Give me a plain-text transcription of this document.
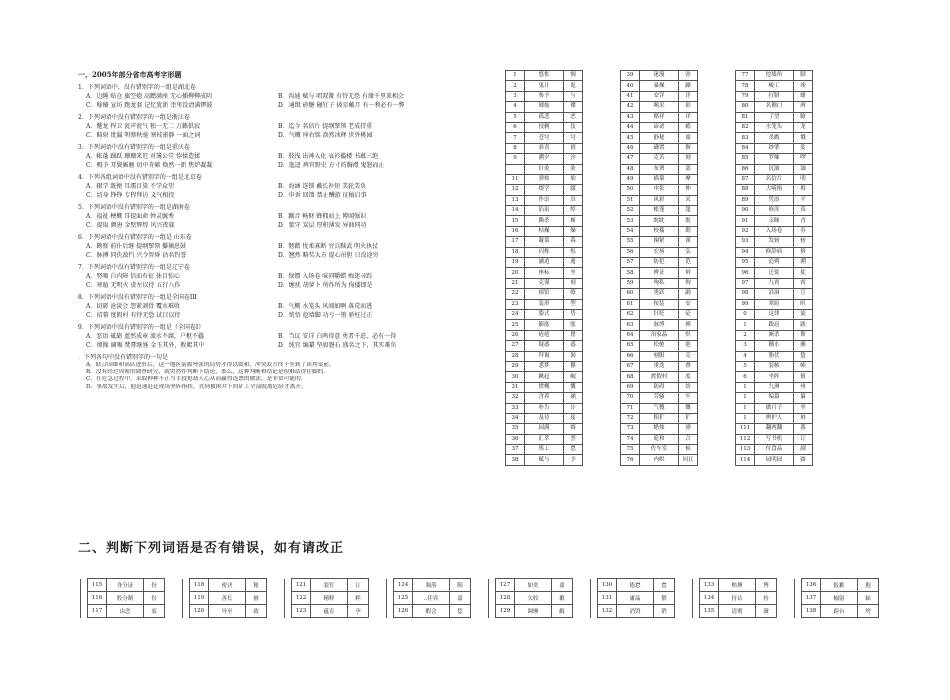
一、2005年部分省市高考字形题
1．下列词语中，没有错别字的一组是湖北卷
A．边陲 贴仓 旗空炮 高瞻满座 无心插柳柳成阴	B．沟通 赋与 唱双簧 有恃无恐 有缘千里来相会
C．稼穑 宣坊 跑龙套 记忆犹新 歪里没清满锣鼓	D．通缉 砂糖 碰钉子 披星戴月 有一利必有一弊
2．下列词语中没有错别字的一组是浙江卷
A．蹩龙 捍卫 瓮声瓮气 独一无二 万籁俱寂	B．迄今 名信片 提纲挈领 老成持重
C．畸射 纰漏 明察秋毫 寒枝雀静 一面之词	D．气概 座右铭 涣然冰释 世外桃园
3．下列词语中没有错别字的一组是重庆卷
A．帐蓬 踊跃 珊珊来迟 对簿公堂 悖揉造揉	B．肢浅 出神入化 哀衫褴楼 书蕴三绝
C．赐予 耳鬓厮磨 切中肯綮 焕然一新 焦炉凝凝	D．迤迳 裨官野史 方寸的胸襟 鬼怒而止
4．下列各组词语中没有错别字的一组是北京卷
A．辍学 既便 耳濡目染 不学众望	B．海涵 连锁 戴长补短 美轮美奂
C．切身 铮铮 专程拜访 义气相投	D．申诉 回馈 禁止酬游 征稿启事
5．下列词语中没有错别字的一组是湖南卷
A．福祉 梗概 耳提面命 钟灵毓秀	B．蹴音 畅财 蜂拥而上 博闻强识
C．提取 颜唐 金壁辉煌 风兴夜寐	D．惦守 炭层 厚积薄发 异曲同功
6．下列词语中没有错别字的一组是 山东卷
A．勘察 前仆后继 提纲挈领 攥摘息鼓	B．惬藉 忧柔寡断 穷兵黩武 明火执仗
C．脉搏 同仇敌忾 兴令智昏 沽名钓誉	D．翘然 略奖大方 提心吊胆 日没途穷
7．下列词语中没有错别字的一组是辽宁卷
A．努喝 白内障 信而有征 休目惊心	B．保镖 入场卷 味同嚼蜡 痴迷寻踪
C．寒暄 无明火 虚左以待 五行八作	D．缠扰 胡萝卜 所作所为 佝偻即是
8．下列词语中没有错别字的一组是全国卷III
A．切磋 沧淡会 怨紧剥骨 覆水难收	B．气概 水笼头 风闻如啊 落荒而逃
C．招幕 度假村 有恃无恐 试目以待	D．恍悟 挖墙脚 功亏一篑 骄枉过正
9．下列词语中没有错别字的一组是（全国卷I）
A．恶语 砥砺 蓝然成章 流水不腐，户枢不蠹	B．当议 安详 白鸣得意 勇者千虑，必有一得
C．烦操 阔喝 焚膏继晷 金玉其外，败絮其中	D．纯宜 编纂 坚如磐石 盛名之下，其实难负
．下列各句中没有错别字的一句是
A．联合国维和部队进驻后，这一地区箭拔弩张的局势才得以缓和，冲突双方终于坐到了谈判桌前。
B．没有经过周密的调查研究，就贸然作判断下结论，那么，这种判断和结论是很难站得住脚的。
C．在危急过程中，采取种种不正当手段抢劫人心从而赢得选票的做法，是非常可能的。
D．事故发生后，他迅速赶赴现场坚阵指挥，直到被困井下的矿工全部脱离危险才离开。
二、判断下列词语是否有错误，如有请改正
1	悠怅	惆
2	鬼计	诡
3	参予	与
4	璀灿	璨
5	孤悲	恶
6	技俩	伎
7	苍穹	穹
8	恭喜	禧
9	溯夕	汐
	针灸	灸
11	弹劾	劾
12	缀学	辍
13	作崇	祟
14	谄谄	绰
15	撕杀	厮
16	枯燥	燥
17	凝慕	暮
18	闪烁	烁
19	涵逍	遁
20	座标	坐
21	克谨	刻
22	撞馆	缭
23	轰形	型
24	姿式	势
25	膨涨	胀
26	疮疤	惫
27	疑惑	惑
28	拜谒	谒
29	悉梦	攥
30	蹶起	崛
31	愤概	慨
32	含养	涵
33	朴告	讣
34	及待	岌
35	园满	圆
36	汇萃	荟
37	殇工	怠
38	赋与	予
39	迷漫	弥
40	暴燥	躁
41	安详	详
42	喝采	彩
43	赌祥	详
44	谛谑	瘾
45	静秘	谧
46	礴置	摒
47	克苦	刻
48	布署	部
49	描摹	摩
50	申张	伸
51	风彩	采
52	帐蓬	篷
53	眈眈	耽
54	校揣	勘
55	掬紧	谨
56	宏扬	弘
57	防犯	范
58	辨证	辩
59	殉私	徇
60	勇跃	踊
61	按装	安
62	针贬	砭
63	脉博	搏
64	治家晶	炽
65	松驰	弛
66	刻服	克
67	重迭	叠
68	渡假村	度
69	防碍	妨
70	劳骚	牢
71	气慨	慨
72	粗犷	犷
73	蜡烛	漂
74	诡和	合
75	佐车室	候
76	内哄	同讧
77	挖墙角	脚
78	峻工	竣
79	打腊	蜡
80	名侧口	两
81	了望	瞭
82	水笼头	龙
83	杀戳	戮
84	纱挲	娑
85	罗嗦	啰
86	沉湎	湎
87	名信片	明
88	大嗬指	拇
89	凭添	平
90	修浑	葺
91	亲睐	青
92	入场卷	券
93	发轫	轫
94	修辞病	修
95	追朔	溯
96	迁徙	徙
97	九霄	霄
98	沿洞	宣
99	寒暄	暄
0	这律	旋
1	跋扈	跋
2	厮杀	斯
3	穗水	蘸
4	脂伏	蛰
5	装帧	帧
6	坐阵	镇
1	九洲	州
1	编幕	纂
1	做月子	坐
1	辨护人	辩
111	翻两翻	番
112	写书机	订
113	付食品	副
114	园明园	圆
	115	身分证	份
	116	股分制	份
	117	由恋	衷
	118	密诀	秘
	119	善长	擅
	120	导至	致
	121	装钉	订
	122	精粹	粹
	123	蕴育	孕
	124	频落	陨
	125	..佳宾	嘉
	126	暇会	偿
	127	如奕	嘉
	128	欠收	歉
	129	调摩	敝
	130	倦怠	怠
	131	庸晶	猥
	132	消毁	销
	133	赔搏	博
	134	持诘	扮
	135	清彻	澈
	136	报歉	抱
	137	幅射	辐
	138	跨台	垮
